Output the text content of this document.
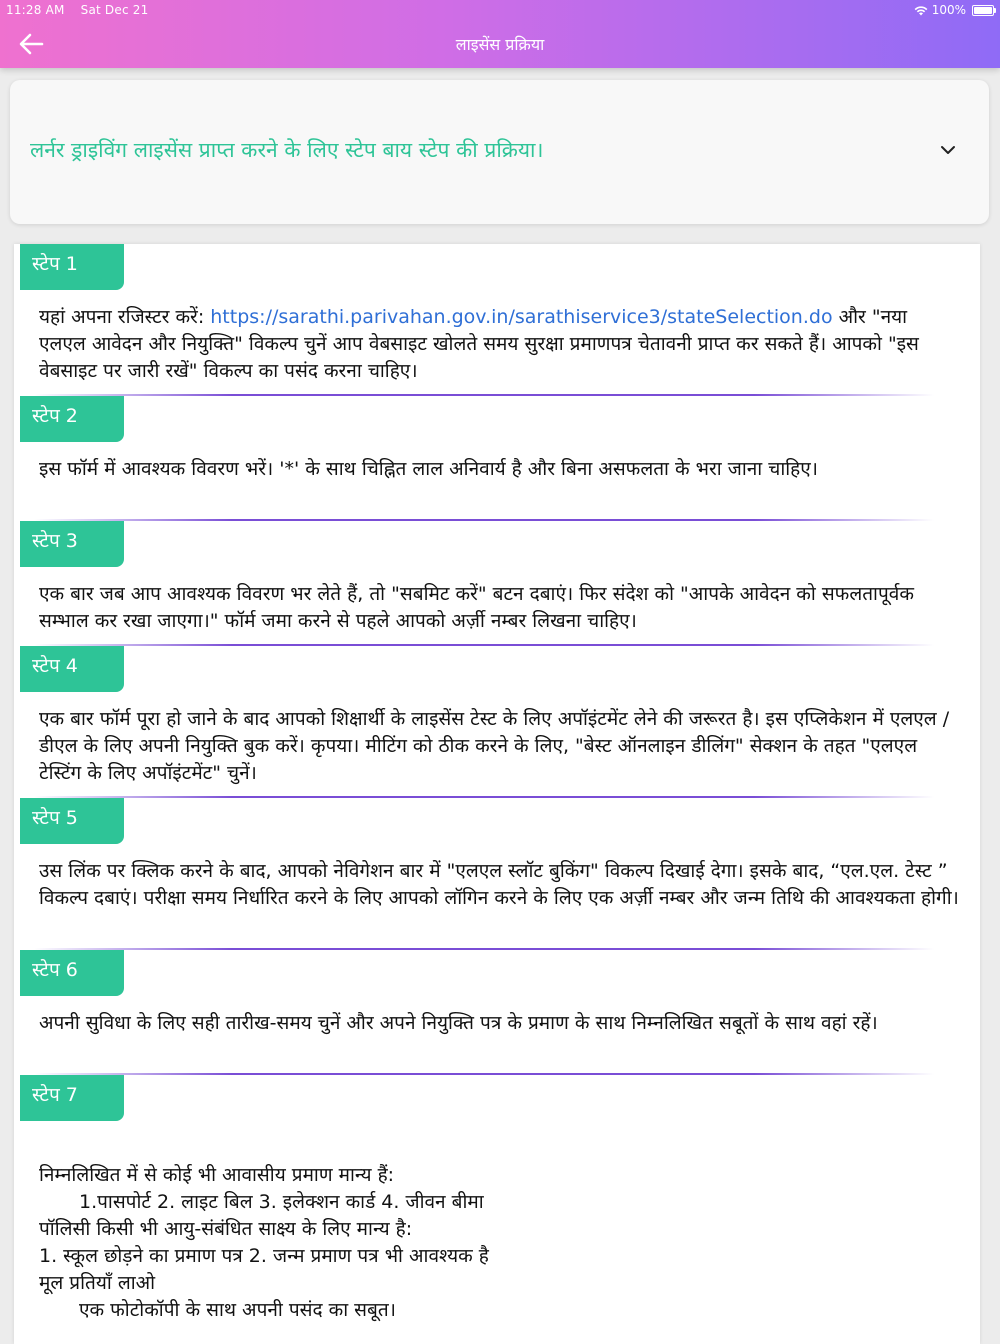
11:28 AM Sat Dec 21	100%
लाइसेंस प्रक्रिया
लर्नर ड्राइविंग लाइसेंस प्राप्त करने के लिए स्टेप बाय स्टेप की प्रक्रिया।
स्टेप 1
यहां अपना रजिस्टर करें: https://sarathi.parivahan.gov.in/sarathiservice3/stateSelection.do और "नया एलएल आवेदन और नियुक्ति" विकल्प चुनें आप वेबसाइट खोलते समय सुरक्षा प्रमाणपत्र चेतावनी प्राप्त कर सकते हैं। आपको "इस वेबसाइट पर जारी रखें" विकल्प का पसंद करना चाहिए।
स्टेप 2
इस फॉर्म में आवश्यक विवरण भरें। '*' के साथ चिह्नित लाल अनिवार्य है और बिना असफलता के भरा जाना चाहिए।
स्टेप 3
एक बार जब आप आवश्यक विवरण भर लेते हैं, तो "सबमिट करें" बटन दबाएं। फिर संदेश को "आपके आवेदन को सफलतापूर्वक सम्भाल कर रखा जाएगा।" फॉर्म जमा करने से पहले आपको अर्ज़ी नम्बर लिखना चाहिए।
स्टेप 4
एक बार फॉर्म पूरा हो जाने के बाद आपको शिक्षार्थी के लाइसेंस टेस्ट के लिए अपॉइंटमेंट लेने की जरूरत है। इस एप्लिकेशन में एलएल / डीएल के लिए अपनी नियुक्ति बुक करें। कृपया। मीटिंग को ठीक करने के लिए, "बेस्ट ऑनलाइन डीलिंग" सेक्शन के तहत "एलएल टेस्टिंग के लिए अपॉइंटमेंट" चुनें।
स्टेप 5
उस लिंक पर क्लिक करने के बाद, आपको नेविगेशन बार में "एलएल स्लॉट बुकिंग" विकल्प दिखाई देगा। इसके बाद, “एल.एल. टेस्ट ” विकल्प दबाएं। परीक्षा समय निर्धारित करने के लिए आपको लॉगिन करने के लिए एक अर्ज़ी नम्बर और जन्म तिथि की आवश्यकता होगी।
स्टेप 6
अपनी सुविधा के लिए सही तारीख-समय चुनें और अपने नियुक्ति पत्र के प्रमाण के साथ निम्नलिखित सबूतों के साथ वहां रहें।
स्टेप 7
निम्नलिखित में से कोई भी आवासीय प्रमाण मान्य हैं:
1.पासपोर्ट 2. लाइट बिल 3. इलेक्शन कार्ड 4. जीवन बीमा
पॉलिसी किसी भी आयु-संबंधित साक्ष्य के लिए मान्य है:
1. स्कूल छोड़ने का प्रमाण पत्र 2. जन्म प्रमाण पत्र भी आवश्यक है
मूल प्रतियाँ लाओ
एक फोटोकॉपी के साथ अपनी पसंद का सबूत।
